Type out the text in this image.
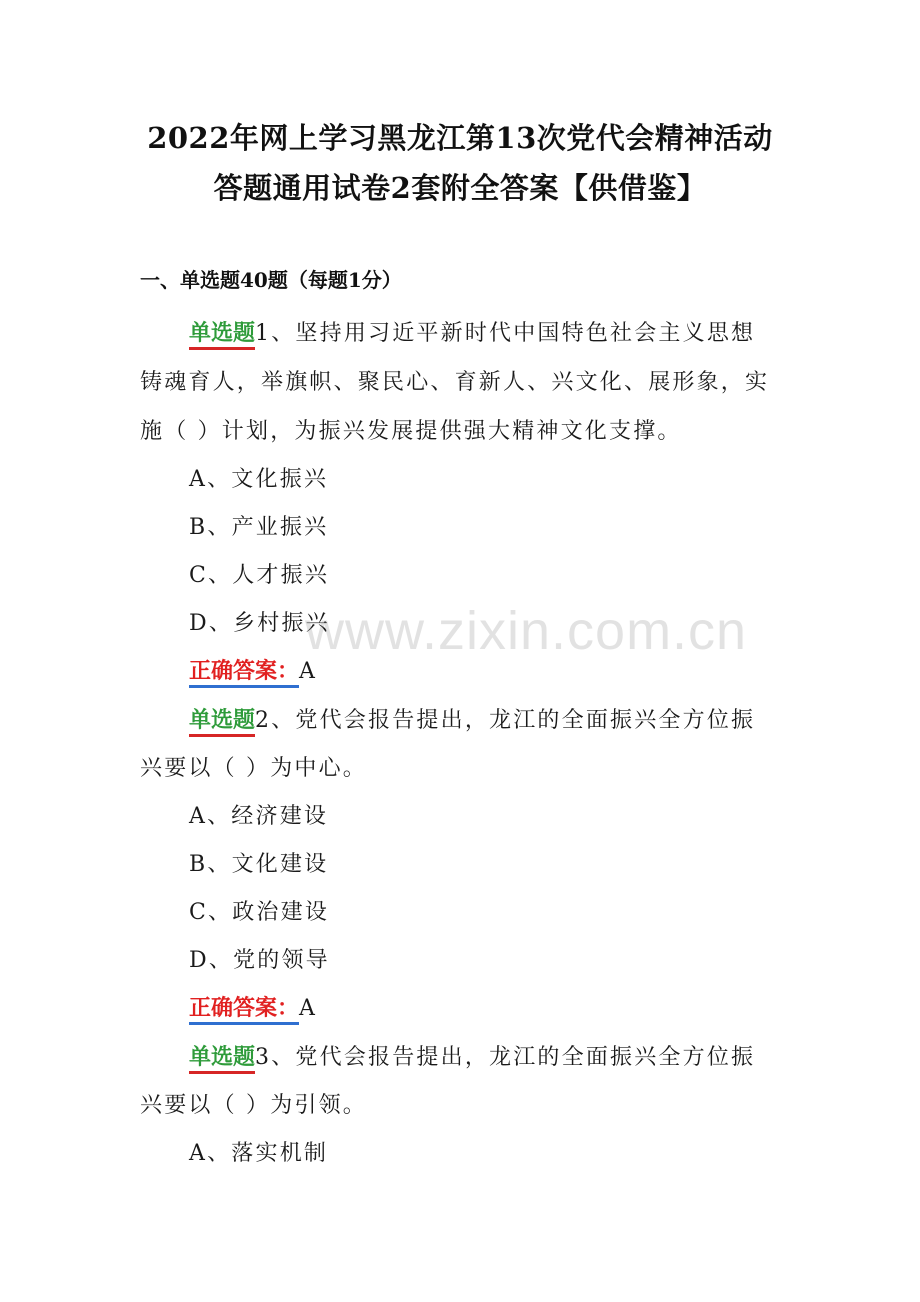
2022年网上学习黑龙江第13次党代会精神活动
答题通用试卷2套附全答案【供借鉴】
一、单选题40题（每题1分）
单选题1、坚持用习近平新时代中国特色社会主义思想
铸魂育人，举旗帜、聚民心、育新人、兴文化、展形象，实
施（ ）计划，为振兴发展提供强大精神文化支撑。
A、文化振兴
B、产业振兴
C、人才振兴
D、乡村振兴
正确答案：A
单选题2、党代会报告提出，龙江的全面振兴全方位振
兴要以（ ）为中心。
A、经济建设
B、文化建设
C、政治建设
D、党的领导
正确答案：A
单选题3、党代会报告提出，龙江的全面振兴全方位振
兴要以（ ）为引领。
A、落实机制
www.zixin.com.cn
